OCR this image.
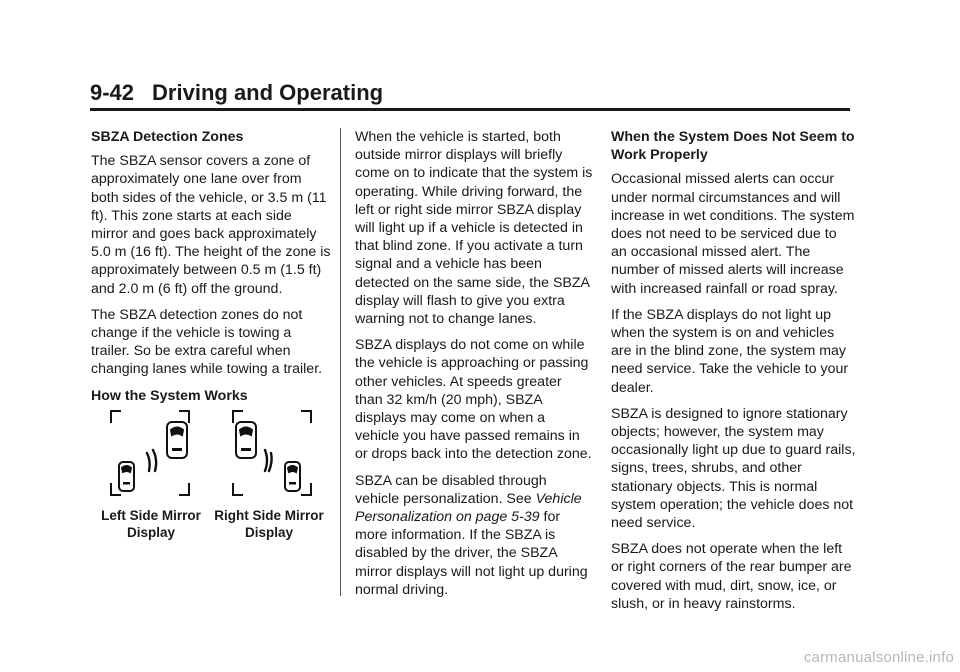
9-42 Driving and Operating

SBZA Detection Zones

The SBZA sensor covers a zone of approximately one lane over from both sides of the vehicle, or 3.5 m (11 ft). This zone starts at each side mirror and goes back approximately 5.0 m (16 ft). The height of the zone is approximately between 0.5 m (1.5 ft) and 2.0 m (6 ft) off the ground.

The SBZA detection zones do not change if the vehicle is towing a trailer. So be extra careful when changing lanes while towing a trailer.

How the System Works

Left Side Mirror Display
Right Side Mirror Display

When the vehicle is started, both outside mirror displays will briefly come on to indicate that the system is operating. While driving forward, the left or right side mirror SBZA display will light up if a vehicle is detected in that blind zone. If you activate a turn signal and a vehicle has been detected on the same side, the SBZA display will flash to give you extra warning not to change lanes.

SBZA displays do not come on while the vehicle is approaching or passing other vehicles. At speeds greater than 32 km/h (20 mph), SBZA displays may come on when a vehicle you have passed remains in or drops back into the detection zone.

SBZA can be disabled through vehicle personalization. See Vehicle Personalization on page 5-39 for more information. If the SBZA is disabled by the driver, the SBZA mirror displays will not light up during normal driving.

When the System Does Not Seem to Work Properly

Occasional missed alerts can occur under normal circumstances and will increase in wet conditions. The system does not need to be serviced due to an occasional missed alert. The number of missed alerts will increase with increased rainfall or road spray.

If the SBZA displays do not light up when the system is on and vehicles are in the blind zone, the system may need service. Take the vehicle to your dealer.

SBZA is designed to ignore stationary objects; however, the system may occasionally light up due to guard rails, signs, trees, shrubs, and other stationary objects. This is normal system operation; the vehicle does not need service.

SBZA does not operate when the left or right corners of the rear bumper are covered with mud, dirt, snow, ice, or slush, or in heavy rainstorms.

carmanualsonline.info
